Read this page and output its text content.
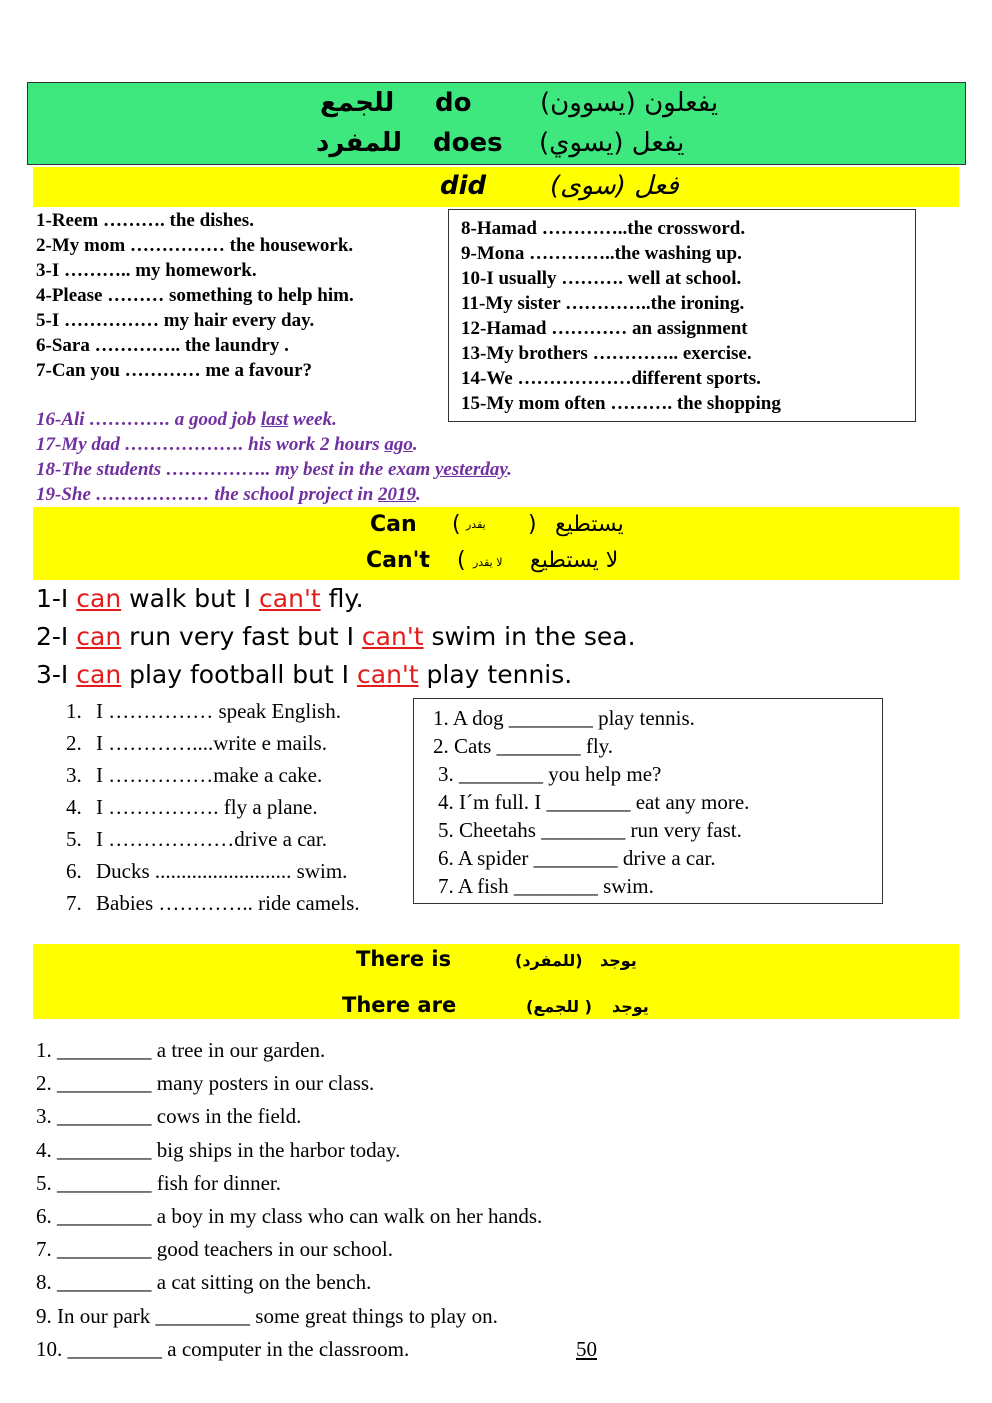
للجمع do	يفعلون (يسوون)
للمفرد does يفعل (يسوي)
did فعل (سوى)
1-Reem ………. the dishes.
2-My mom …………… the housework.
3-I ……….. my homework.
4-Please ……… something to help him.
5-I …………… my hair every day.
6-Sara ………….. the laundry .
7-Can you ………… me a favour?
8-Hamad …………..the crossword.
9-Mona …………..the washing up.
10-I usually ………. well at school.
11-My sister …………..the ironing.
12-Hamad ………… an assignment
13-My brothers ………….. exercise.
14-We ………………different sports.
15-My mom often ………. the shopping
16-Ali …………. a good job last week.
17-My dad ………………. his work 2 hours ago.
18-The students …………….. my best in the exam yesterday.
19-She ……………… the school project in 2019.
Can ( يقدر ) يستطيع
Can't ( لا يقدر لا يستطيع
1-I can walk but I can't fly.
2-I can run very fast but I can't swim in the sea.
3-I can play football but I can't play tennis.
1. I …………… speak English.
2. I …………....write e mails.
3. I ……………make a cake.
4. I ……………. fly a plane.
5. I ………………drive a car.
6. Ducks .......................... swim.
7. Babies ………….. ride camels.
1. A dog ________ play tennis.
2. Cats ________ fly.
3. ________ you help me?
4. I´m full. I ________ eat any more.
5. Cheetahs ________ run very fast.
6. A spider ________ drive a car.
7. A fish ________ swim.
There is	(للمفرد) يوجد
There are	(للجمع ) يوجد
1. _________ a tree in our garden.
2. _________ many posters in our class.
3. _________ cows in the field.
4. _________ big ships in the harbor today.
5. _________ fish for dinner.
6. _________ a boy in my class who can walk on her hands.
7. _________ good teachers in our school.
8. _________ a cat sitting on the bench.
9. In our park _________ some great things to play on.
10. _________ a computer in the classroom.	50
